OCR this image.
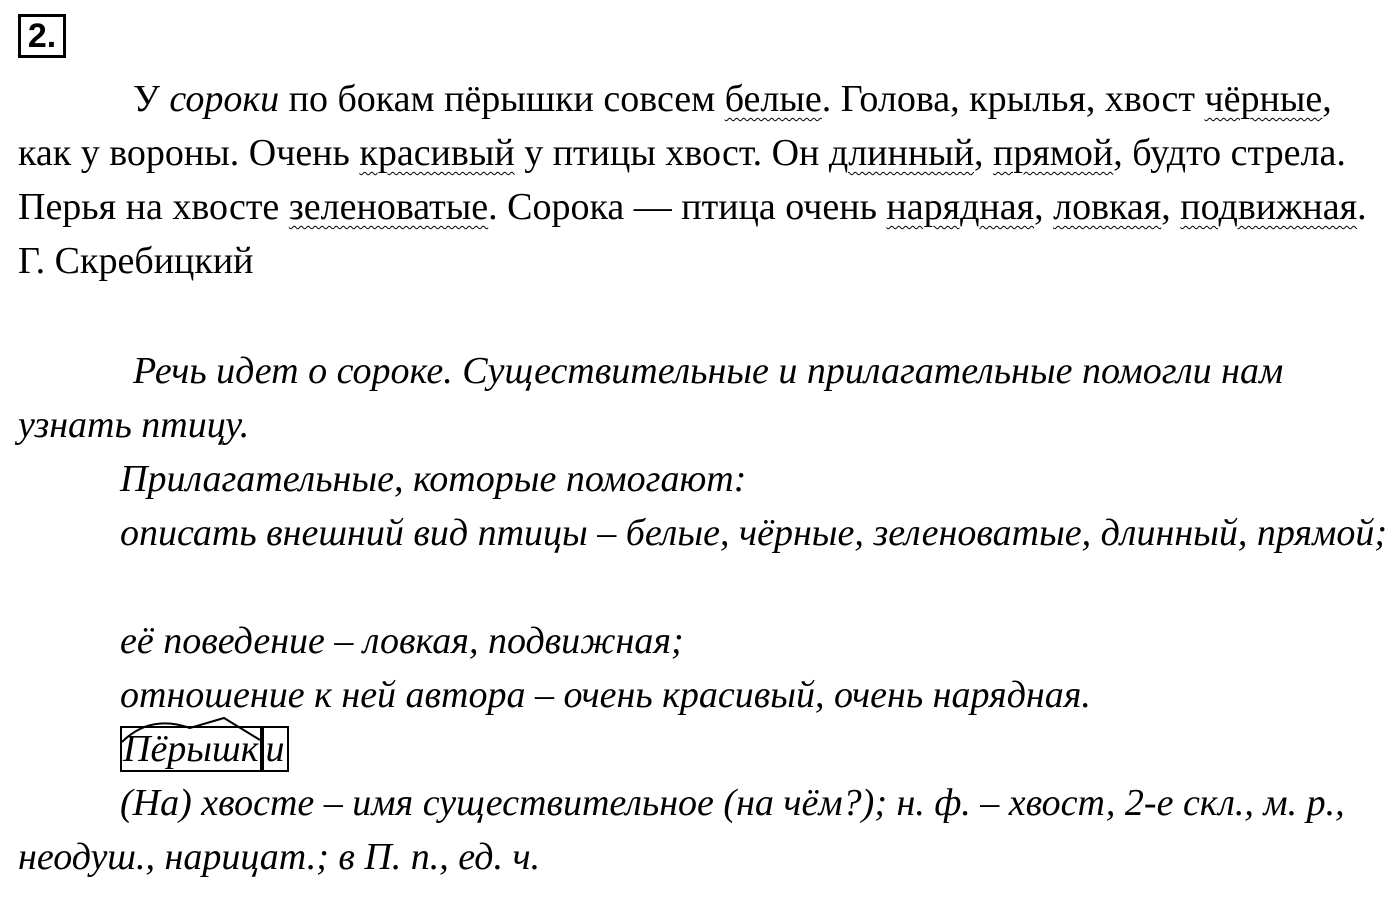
2.

У сороки по бокам пёрышки совсем белые. Голова, крылья, хвост чёрные, как у вороны. Очень красивый у птицы хвост. Он длинный, прямой, будто стрела. Перья на хвосте зеленоватые. Сорока — птица очень нарядная, ловкая, подвижная. Г. Скребицкий

Речь идет о сороке. Существительные и прилагательные помогли нам узнать птицу.

Прилагательные, которые помогают:

описать внешний вид птицы – белые, чёрные, зеленоватые, длинный, прямой;

её поведение – ловкая, подвижная;

отношение к ней автора – очень красивый, очень нарядная.

Пёрышк и

(На) хвосте – имя существительное (на чём?); н. ф. – хвост, 2-е скл., м. р., неодуш., нарицат.; в П. п., ед. ч.
